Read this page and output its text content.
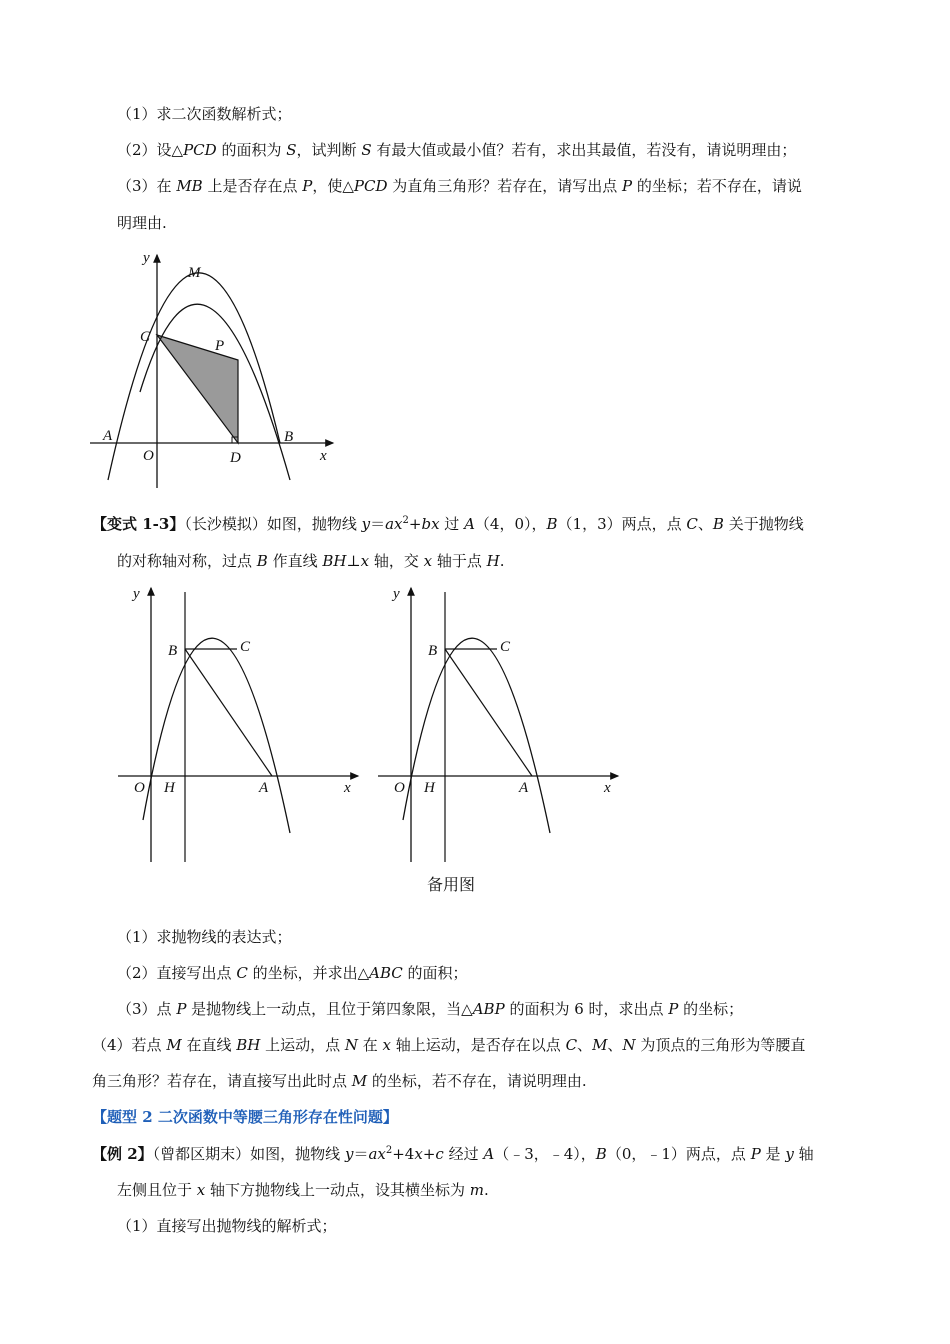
（1）求二次函数解析式；
（2）设△PCD 的面积为 S，试判断 S 有最大值或最小值？若有，求出其最值，若没有，请说明理由；
（3）在 MB 上是否存在点 P，使△PCD 为直角三角形？若存在，请写出点 P 的坐标；若不存在，请说
明理由.
y
M
C
P
A
O	D
B
x
【变式 1-3】（长沙模拟）如图，抛物线 $y=ax^2+bx$ 过 A（4，0），B（1，3）两点，点 C、B 关于抛物线
的对称轴对称，过点 B 作直线 BH⊥x 轴，交 x 轴于点 H.
y
B	C
O H	A	x
y
B	C
O H	A	x
备用图
（1）求抛物线的表达式；
（2）直接写出点 C 的坐标，并求出△ABC 的面积；
（3）点 P 是抛物线上一动点，且位于第四象限，当△ABP 的面积为 6 时，求出点 P 的坐标；
（4）若点 M 在直线 BH 上运动，点 N 在 x 轴上运动，是否存在以点 C、M、N 为顶点的三角形为等腰直
角三角形？若存在，请直接写出此时点 M 的坐标，若不存在，请说明理由.
【题型 2 二次函数中等腰三角形存在性问题】
【例 2】（曾都区期末）如图，抛物线 $y=ax^2+4x+c$ 经过 A（﹣3，﹣4），B（0，﹣1）两点，点 P 是 y 轴
左侧且位于 x 轴下方抛物线上一动点，设其横坐标为 m.
（1）直接写出抛物线的解析式；
